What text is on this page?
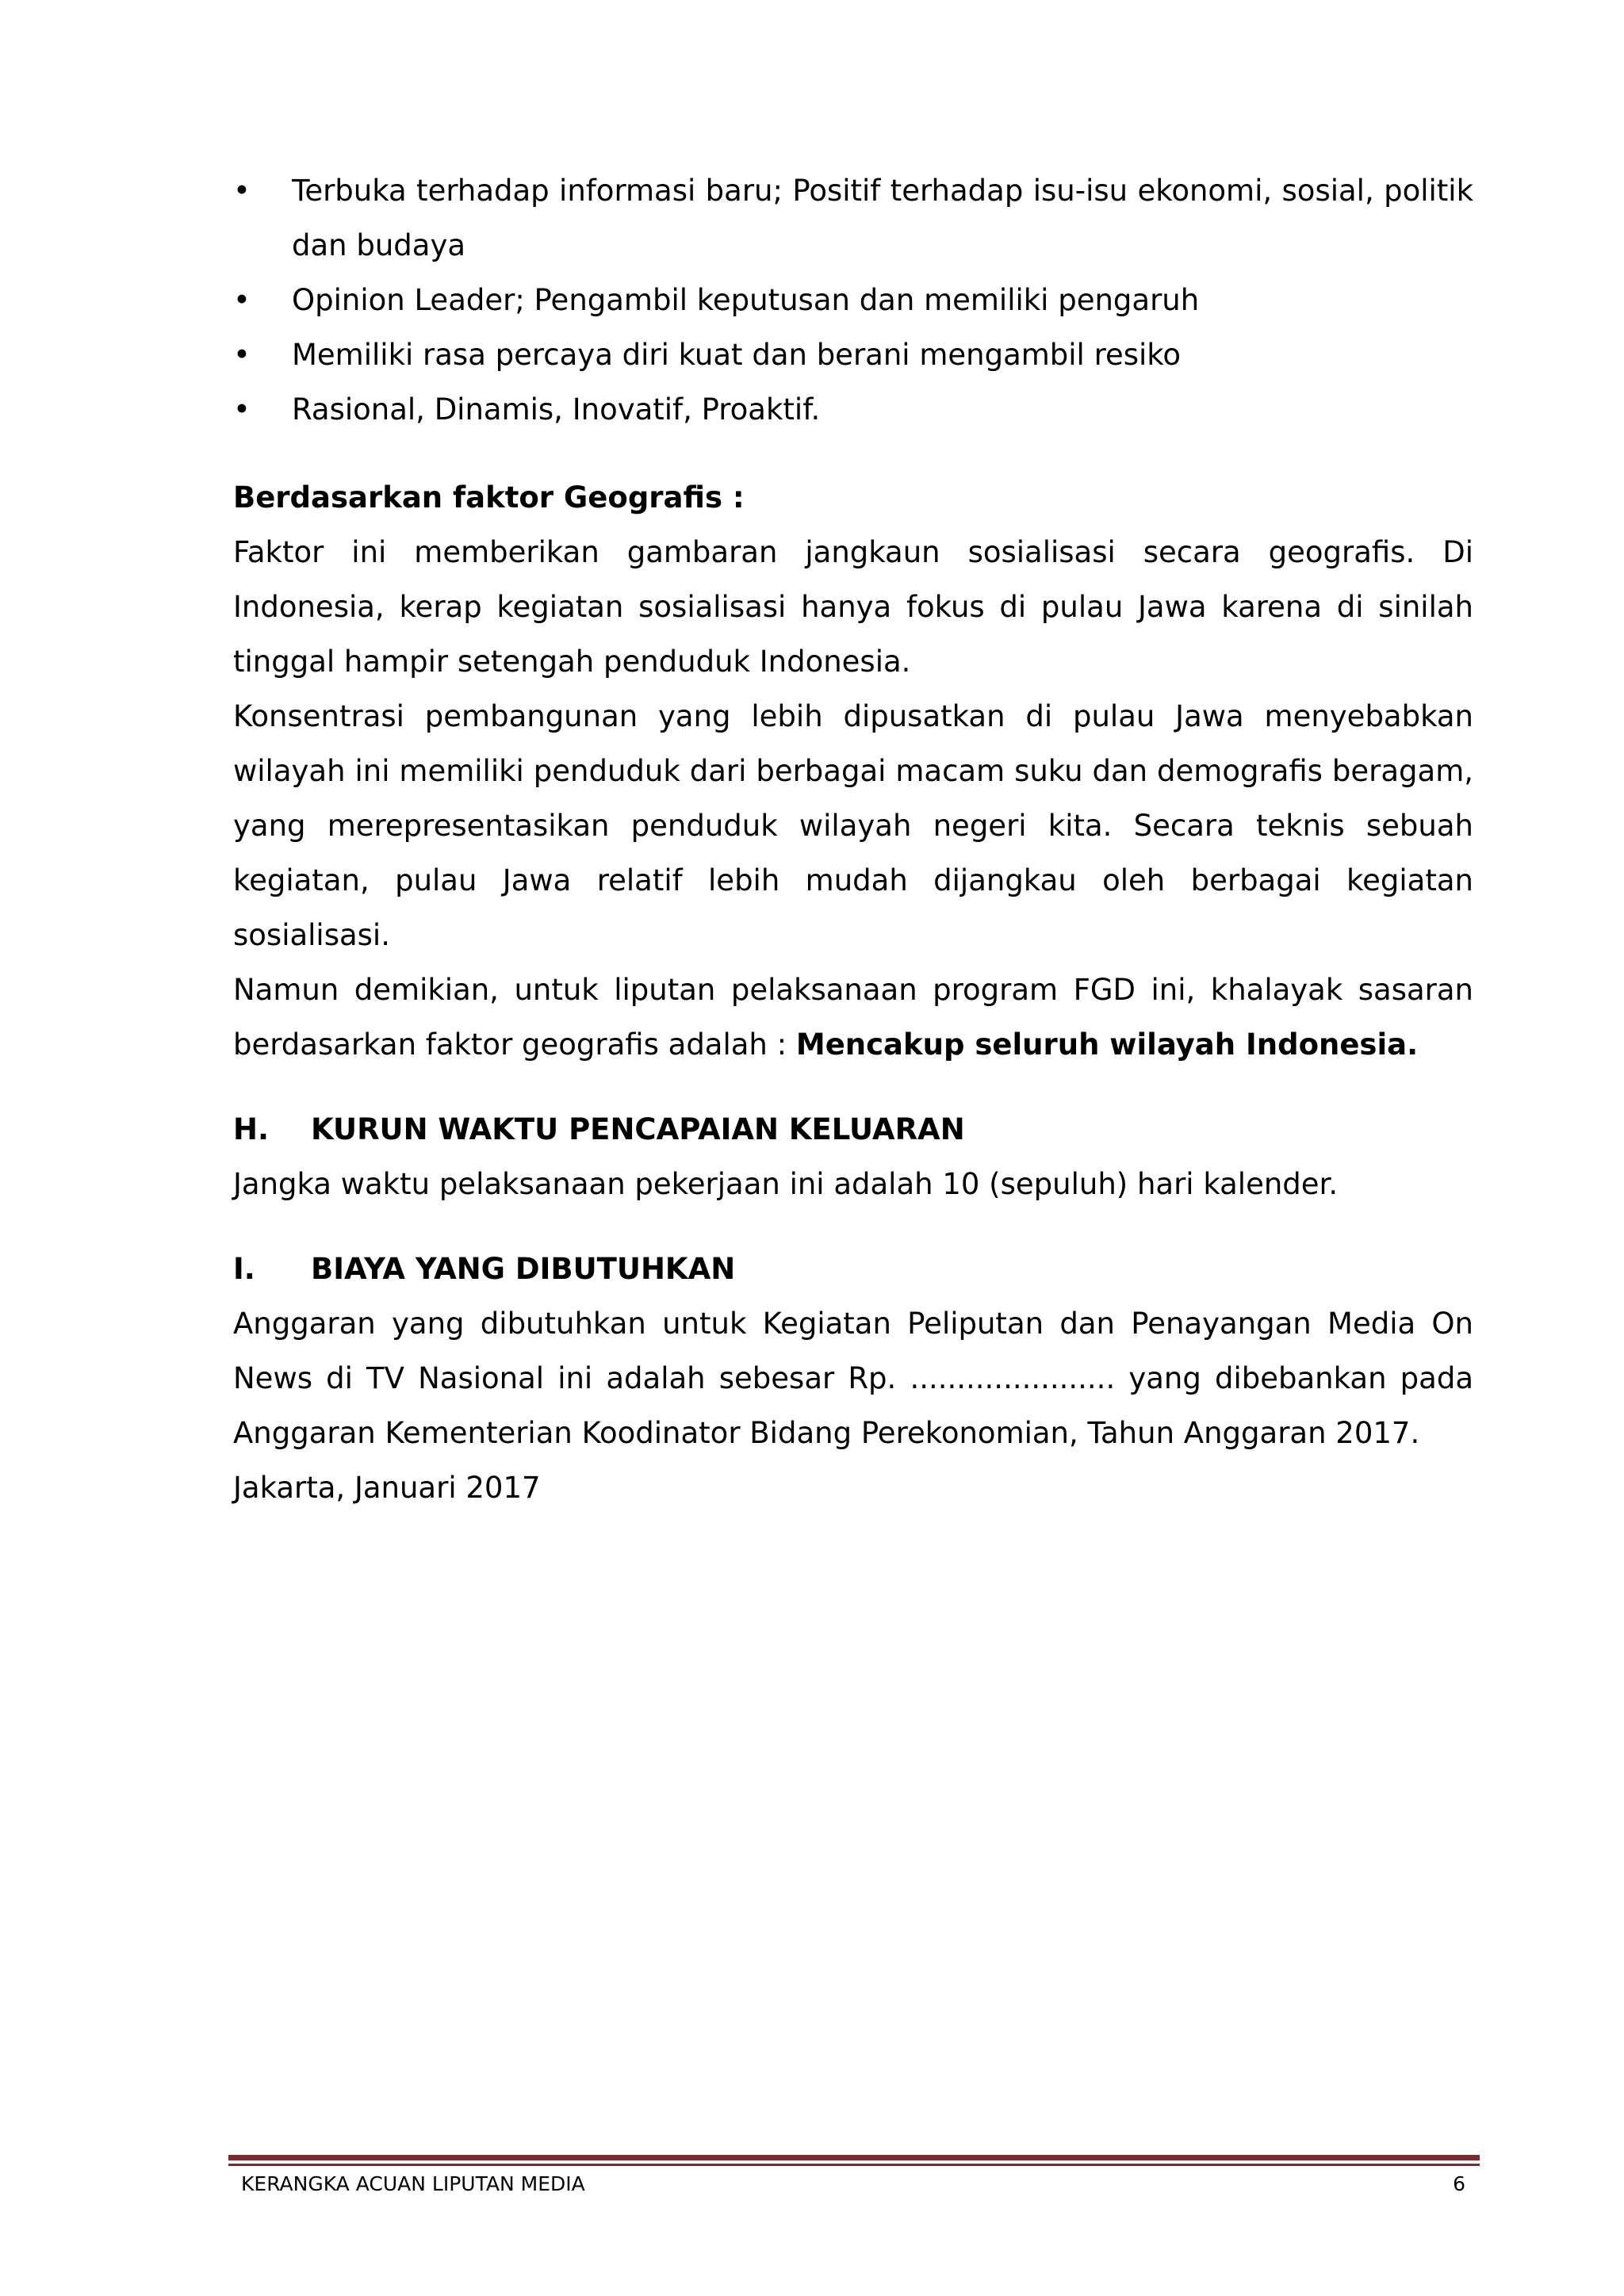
• Terbuka terhadap informasi baru; Positif terhadap isu-isu ekonomi, sosial, politik dan budaya
• Opinion Leader; Pengambil keputusan dan memiliki pengaruh
• Memiliki rasa percaya diri kuat dan berani mengambil resiko
• Rasional, Dinamis, Inovatif, Proaktif.
Berdasarkan faktor Geografis :

Faktor ini memberikan gambaran jangkaun sosialisasi secara geografis. Di Indonesia, kerap kegiatan sosialisasi hanya fokus di pulau Jawa karena di sinilah tinggal hampir setengah penduduk Indonesia.

Konsentrasi pembangunan yang lebih dipusatkan di pulau Jawa menyebabkan wilayah ini memiliki penduduk dari berbagai macam suku dan demografis beragam, yang merepresentasikan penduduk wilayah negeri kita. Secara teknis sebuah kegiatan, pulau Jawa relatif lebih mudah dijangkau oleh berbagai kegiatan sosialisasi.

Namun demikian, untuk liputan pelaksanaan program FGD ini, khalayak sasaran berdasarkan faktor geografis adalah : Mencakup seluruh wilayah Indonesia.

H.	KURUN WAKTU PENCAPAIAN KELUARAN

Jangka waktu pelaksanaan pekerjaan ini adalah 10 (sepuluh) hari kalender.

I.	BIAYA YANG DIBUTUHKAN

Anggaran yang dibutuhkan untuk Kegiatan Peliputan dan Penayangan Media On News di TV Nasional ini adalah sebesar Rp. ...................... yang dibebankan pada Anggaran Kementerian Koodinator Bidang Perekonomian, Tahun Anggaran 2017.

Jakarta, Januari 2017

KERANGKA ACUAN LIPUTAN MEDIA	6
